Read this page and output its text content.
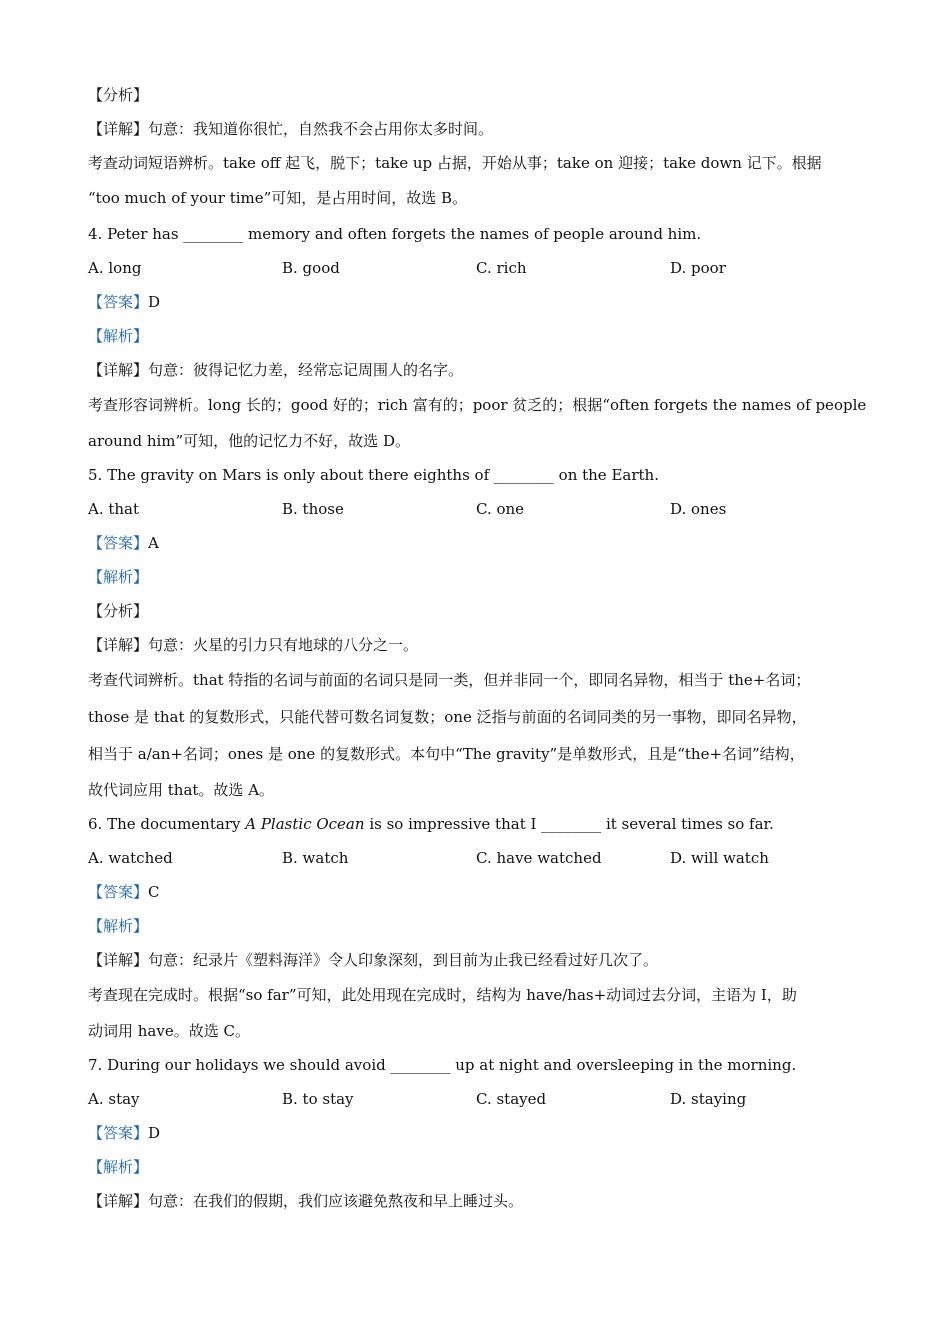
【分析】
【详解】句意：我知道你很忙，自然我不会占用你太多时间。
考查动词短语辨析。take off 起飞，脱下；take up 占据，开始从事；take on 迎接；take down 记下。根据
“too much of your time”可知，是占用时间，故选 B。
4. Peter has ________ memory and often forgets the names of people around him.
A. long	B. good	C. rich	D. poor
【答案】D
【解析】
【详解】句意：彼得记忆力差，经常忘记周围人的名字。
考查形容词辨析。long 长的；good 好的；rich 富有的；poor 贫乏的；根据“often forgets the names of people
around him”可知，他的记忆力不好，故选 D。
5. The gravity on Mars is only about there eighths of ________ on the Earth.
A. that	B. those	C. one	D. ones
【答案】A
【解析】
【分析】
【详解】句意：火星的引力只有地球的八分之一。
考查代词辨析。that 特指的名词与前面的名词只是同一类，但并非同一个，即同名异物，相当于 the+名词；
those 是 that 的复数形式，只能代替可数名词复数；one 泛指与前面的名词同类的另一事物，即同名异物，
相当于 a/an+名词；ones 是 one 的复数形式。本句中“The gravity”是单数形式，且是“the+名词”结构，
故代词应用 that。故选 A。
6. The documentary A Plastic Ocean is so impressive that I ________ it several times so far.
A. watched	B. watch	C. have watched	D. will watch
【答案】C
【解析】
【详解】句意：纪录片《塑料海洋》令人印象深刻，到目前为止我已经看过好几次了。
考查现在完成时。根据“so far”可知，此处用现在完成时，结构为 have/has+动词过去分词，主语为 I，助
动词用 have。故选 C。
7. During our holidays we should avoid ________ up at night and oversleeping in the morning.
A. stay	B. to stay	C. stayed	D. staying
【答案】D
【解析】
【详解】句意：在我们的假期，我们应该避免熬夜和早上睡过头。
